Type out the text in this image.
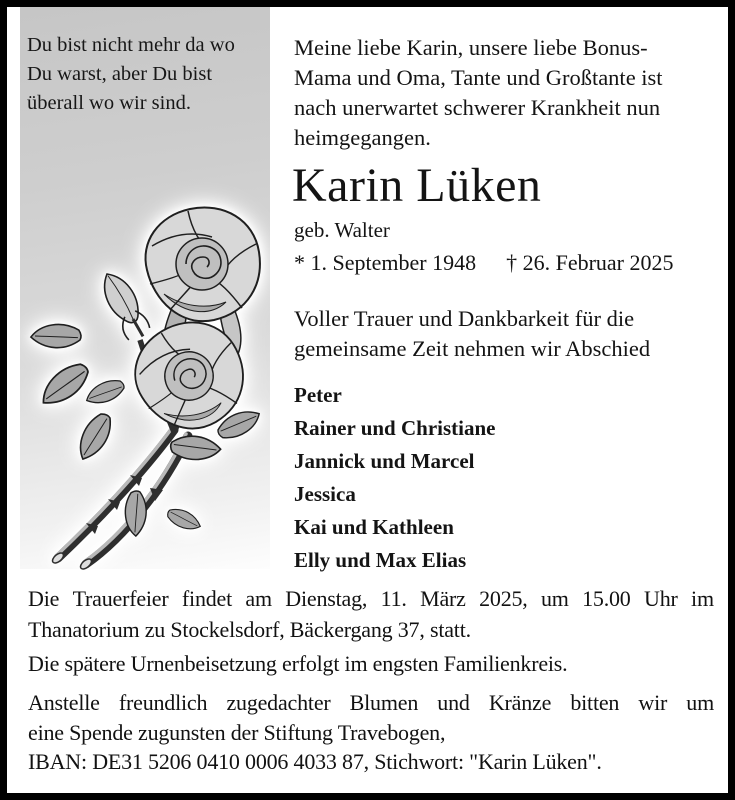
Du bist nicht mehr da wo
Du warst, aber Du bist
überall wo wir sind.
Meine liebe Karin, unsere liebe Bonus-
Mama und Oma, Tante und Großtante ist
nach unerwartet schwerer Krankheit nun
heimgegangen.
Karin Lüken
geb. Walter
* 1. September 1948 † 26. Februar 2025
Voller Trauer und Dankbarkeit für die
gemeinsame Zeit nehmen wir Abschied
Peter
Rainer und Christiane
Jannick und Marcel
Jessica
Kai und Kathleen
Elly und Max Elias
Die Trauerfeier findet am Dienstag, 11. März 2025, um 15.00 Uhr im
Thanatorium zu Stockelsdorf, Bäckergang 37, statt.
Die spätere Urnenbeisetzung erfolgt im engsten Familienkreis.
Anstelle freundlich zugedachter Blumen und Kränze bitten wir um
eine Spende zugunsten der Stiftung Travebogen,
IBAN: DE31 5206 0410 0006 4033 87, Stichwort: "Karin Lüken".
